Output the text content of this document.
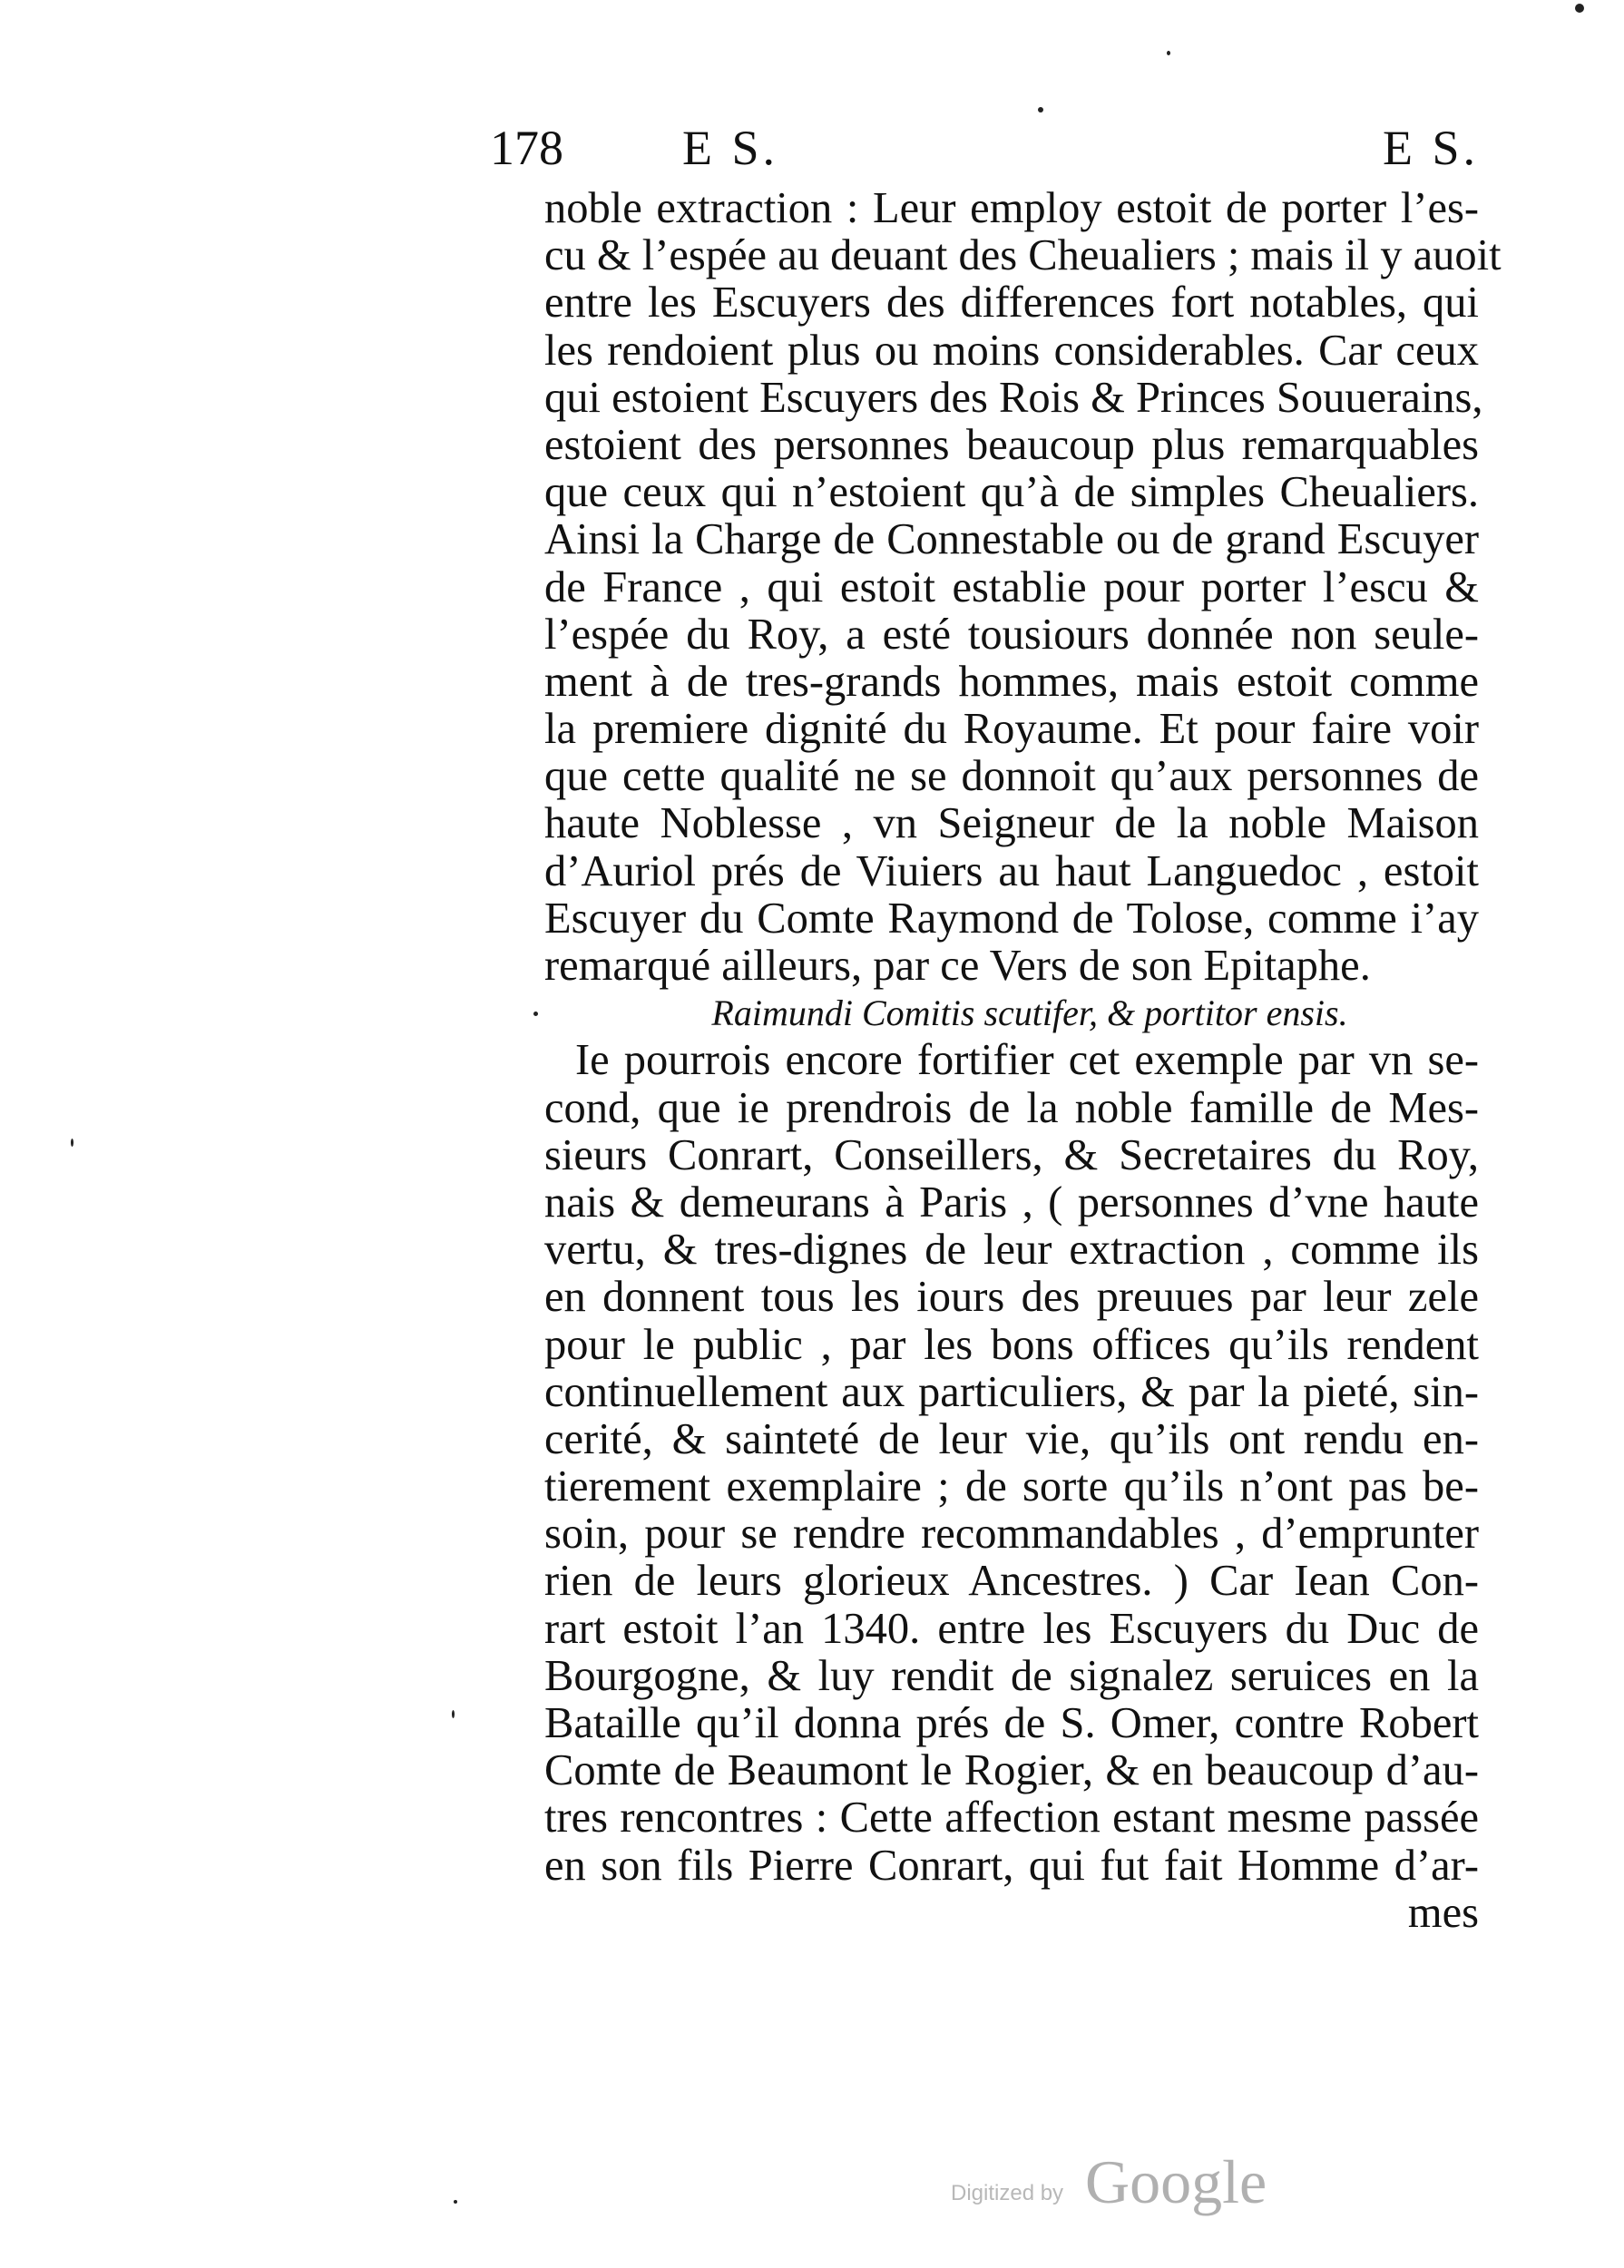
178 E S.	E S.
noble extraction : Leur employ estoit de porter l’es-
cu & l’espée au deuant des Cheualiers ; mais il y auoit
entre les Escuyers des differences fort notables, qui
les rendoient plus ou moins considerables. Car ceux
qui estoient Escuyers des Rois & Princes Souuerains,
estoient des personnes beaucoup plus remarquables
que ceux qui n’estoient qu’à de simples Cheualiers.
Ainsi la Charge de Connestable ou de grand Escuyer
de France , qui estoit establie pour porter l’escu &
l’espée du Roy, a esté tousiours donnée non seule-
ment à de tres-grands hommes, mais estoit comme
la premiere dignité du Royaume. Et pour faire voir
que cette qualité ne se donnoit qu’aux personnes de
haute Noblesse , vn Seigneur de la noble Maison
d’Auriol prés de Viuiers au haut Languedoc , estoit
Escuyer du Comte Raymond de Tolose, comme i’ay
remarqué ailleurs, par ce Vers de son Epitaphe.
Raimundi Comitis scutifer, & portitor ensis.
Ie pourrois encore fortifier cet exemple par vn se-
cond, que ie prendrois de la noble famille de Mes-
sieurs Conrart, Conseillers, & Secretaires du Roy,
nais & demeurans à Paris , ( personnes d’vne haute
vertu, & tres-dignes de leur extraction , comme ils
en donnent tous les iours des preuues par leur zele
pour le public , par les bons offices qu’ils rendent
continuellement aux particuliers, & par la pieté, sin-
cerité, & sainteté de leur vie, qu’ils ont rendu en-
tierement exemplaire ; de sorte qu’ils n’ont pas be-
soin, pour se rendre recommandables , d’emprunter
rien de leurs glorieux Ancestres. ) Car Iean Con-
rart estoit l’an 1340. entre les Escuyers du Duc de
Bourgogne, & luy rendit de signalez seruices en la
Bataille qu’il donna prés de S. Omer, contre Robert
Comte de Beaumont le Rogier, & en beaucoup d’au-
tres rencontres : Cette affection estant mesme passée
en son fils Pierre Conrart, qui fut fait Homme d’ar-
mes
Digitized by Google
